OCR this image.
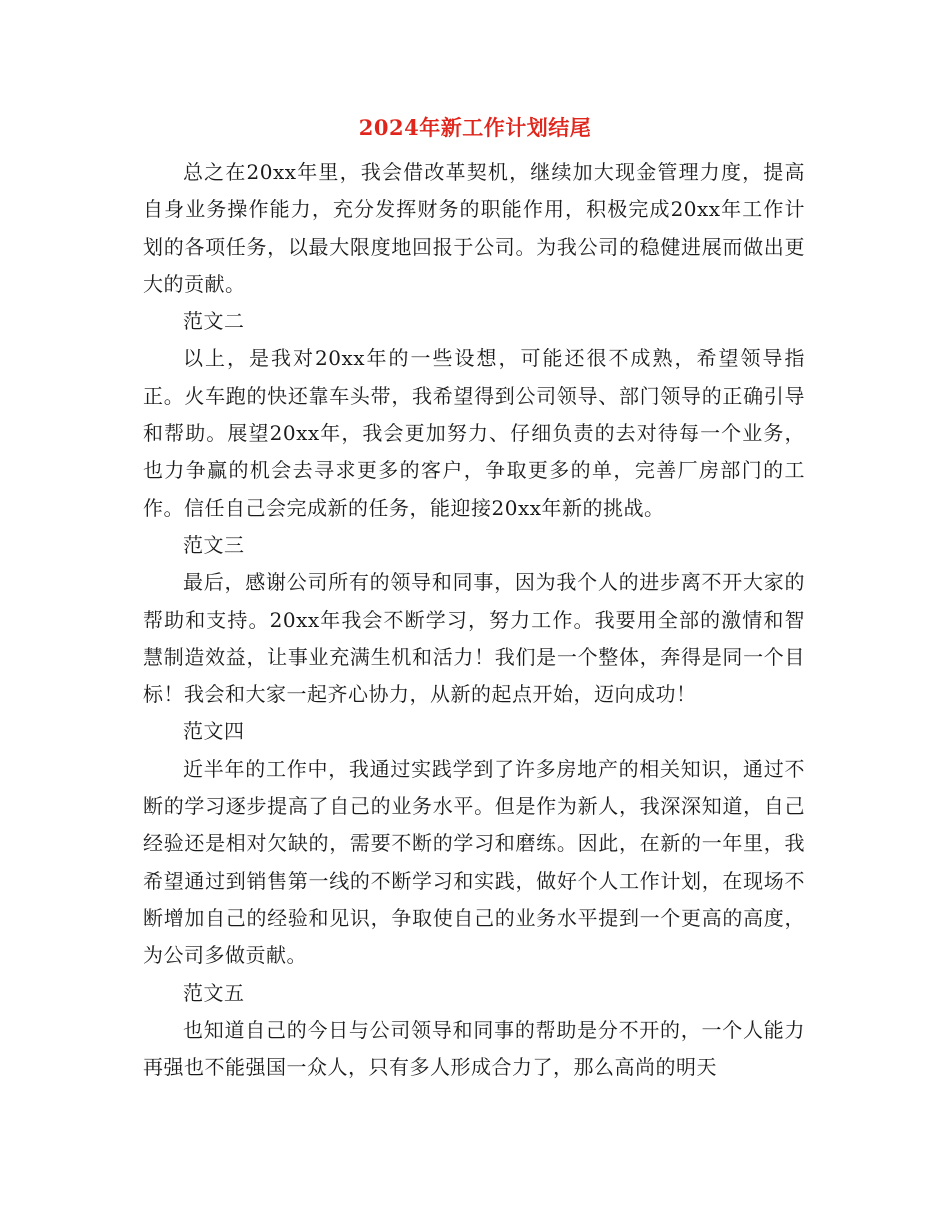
2024年新工作计划结尾

总之在20xx年里，我会借改革契机，继续加大现金管理力度，提高自身业务操作能力，充分发挥财务的职能作用，积极完成20xx年工作计划的各项任务，以最大限度地回报于公司。为我公司的稳健进展而做出更大的贡献。

范文二

以上，是我对20xx年的一些设想，可能还很不成熟，希望领导指正。火车跑的快还靠车头带，我希望得到公司领导、部门领导的正确引导和帮助。展望20xx年，我会更加努力、仔细负责的去对待每一个业务，也力争赢的机会去寻求更多的客户，争取更多的单，完善厂房部门的工作。信任自己会完成新的任务，能迎接20xx年新的挑战。

范文三

最后，感谢公司所有的领导和同事，因为我个人的进步离不开大家的帮助和支持。20xx年我会不断学习，努力工作。我要用全部的激情和智慧制造效益，让事业充满生机和活力！我们是一个整体，奔得是同一个目标！我会和大家一起齐心协力，从新的起点开始，迈向成功！

范文四

近半年的工作中，我通过实践学到了许多房地产的相关知识，通过不断的学习逐步提高了自己的业务水平。但是作为新人，我深深知道，自己经验还是相对欠缺的，需要不断的学习和磨练。因此，在新的一年里，我希望通过到销售第一线的不断学习和实践，做好个人工作计划，在现场不断增加自己的经验和见识，争取使自己的业务水平提到一个更高的高度，为公司多做贡献。

范文五

也知道自己的今日与公司领导和同事的帮助是分不开的，一个人能力再强也不能强国一众人，只有多人形成合力了，那么高尚的明天
